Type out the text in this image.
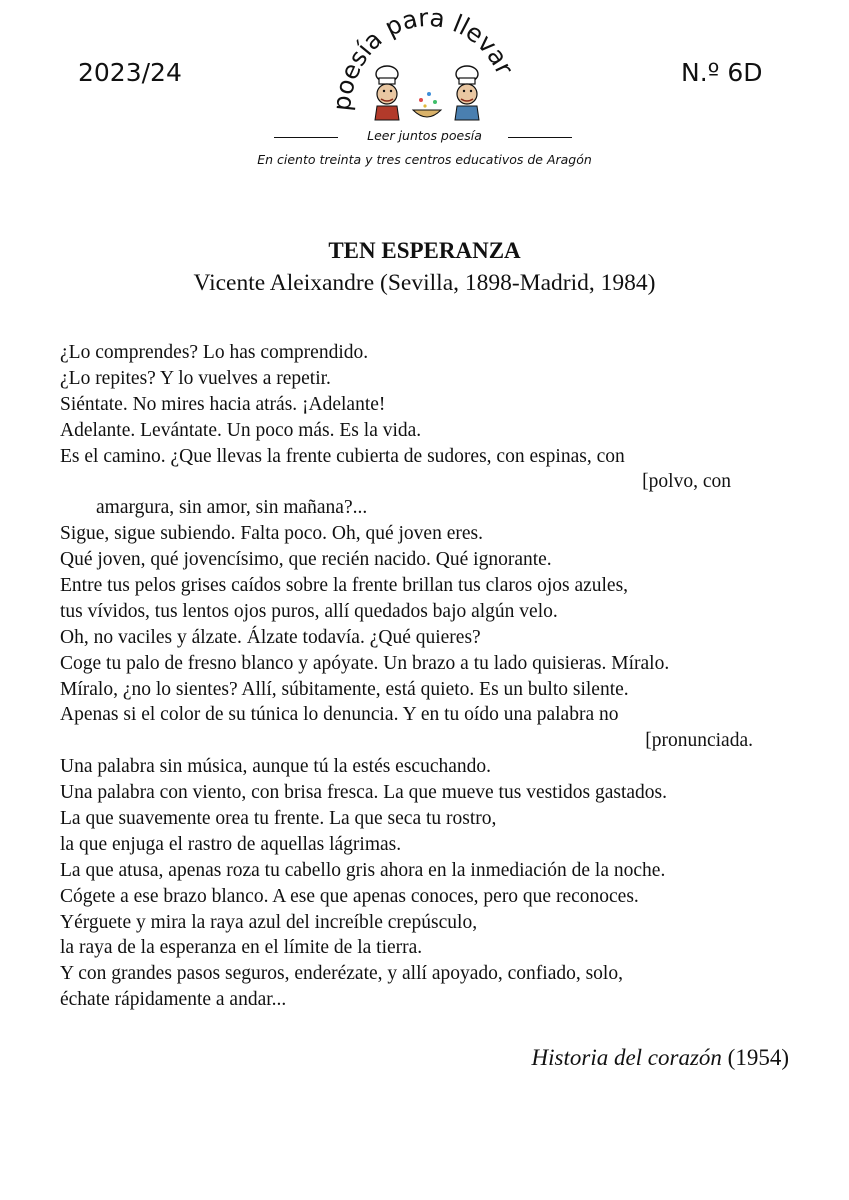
2023/24	N.º 6D
poesía para llevar
Leer juntos poesía
En ciento treinta y tres centros educativos de Aragón
TEN ESPERANZA
Vicente Aleixandre (Sevilla, 1898-Madrid, 1984)
¿Lo comprendes? Lo has comprendido.
¿Lo repites? Y lo vuelves a repetir.
Siéntate. No mires hacia atrás. ¡Adelante!
Adelante. Levántate. Un poco más. Es la vida.
Es el camino. ¿Que llevas la frente cubierta de sudores, con espinas, con
[polvo, con
amargura, sin amor, sin mañana?...
Sigue, sigue subiendo. Falta poco. Oh, qué joven eres.
Qué joven, qué jovencísimo, que recién nacido. Qué ignorante.
Entre tus pelos grises caídos sobre la frente brillan tus claros ojos azules,
tus vívidos, tus lentos ojos puros, allí quedados bajo algún velo.
Oh, no vaciles y álzate. Álzate todavía. ¿Qué quieres?
Coge tu palo de fresno blanco y apóyate. Un brazo a tu lado quisieras. Míralo.
Míralo, ¿no lo sientes? Allí, súbitamente, está quieto. Es un bulto silente.
Apenas si el color de su túnica lo denuncia. Y en tu oído una palabra no
[pronunciada.
Una palabra sin música, aunque tú la estés escuchando.
Una palabra con viento, con brisa fresca. La que mueve tus vestidos gastados.
La que suavemente orea tu frente. La que seca tu rostro,
la que enjuga el rastro de aquellas lágrimas.
La que atusa, apenas roza tu cabello gris ahora en la inmediación de la noche.
Cógete a ese brazo blanco. A ese que apenas conoces, pero que reconoces.
Yérguete y mira la raya azul del increíble crepúsculo,
la raya de la esperanza en el límite de la tierra.
Y con grandes pasos seguros, enderézate, y allí apoyado, confiado, solo,
échate rápidamente a andar...
Historia del corazón (1954)
